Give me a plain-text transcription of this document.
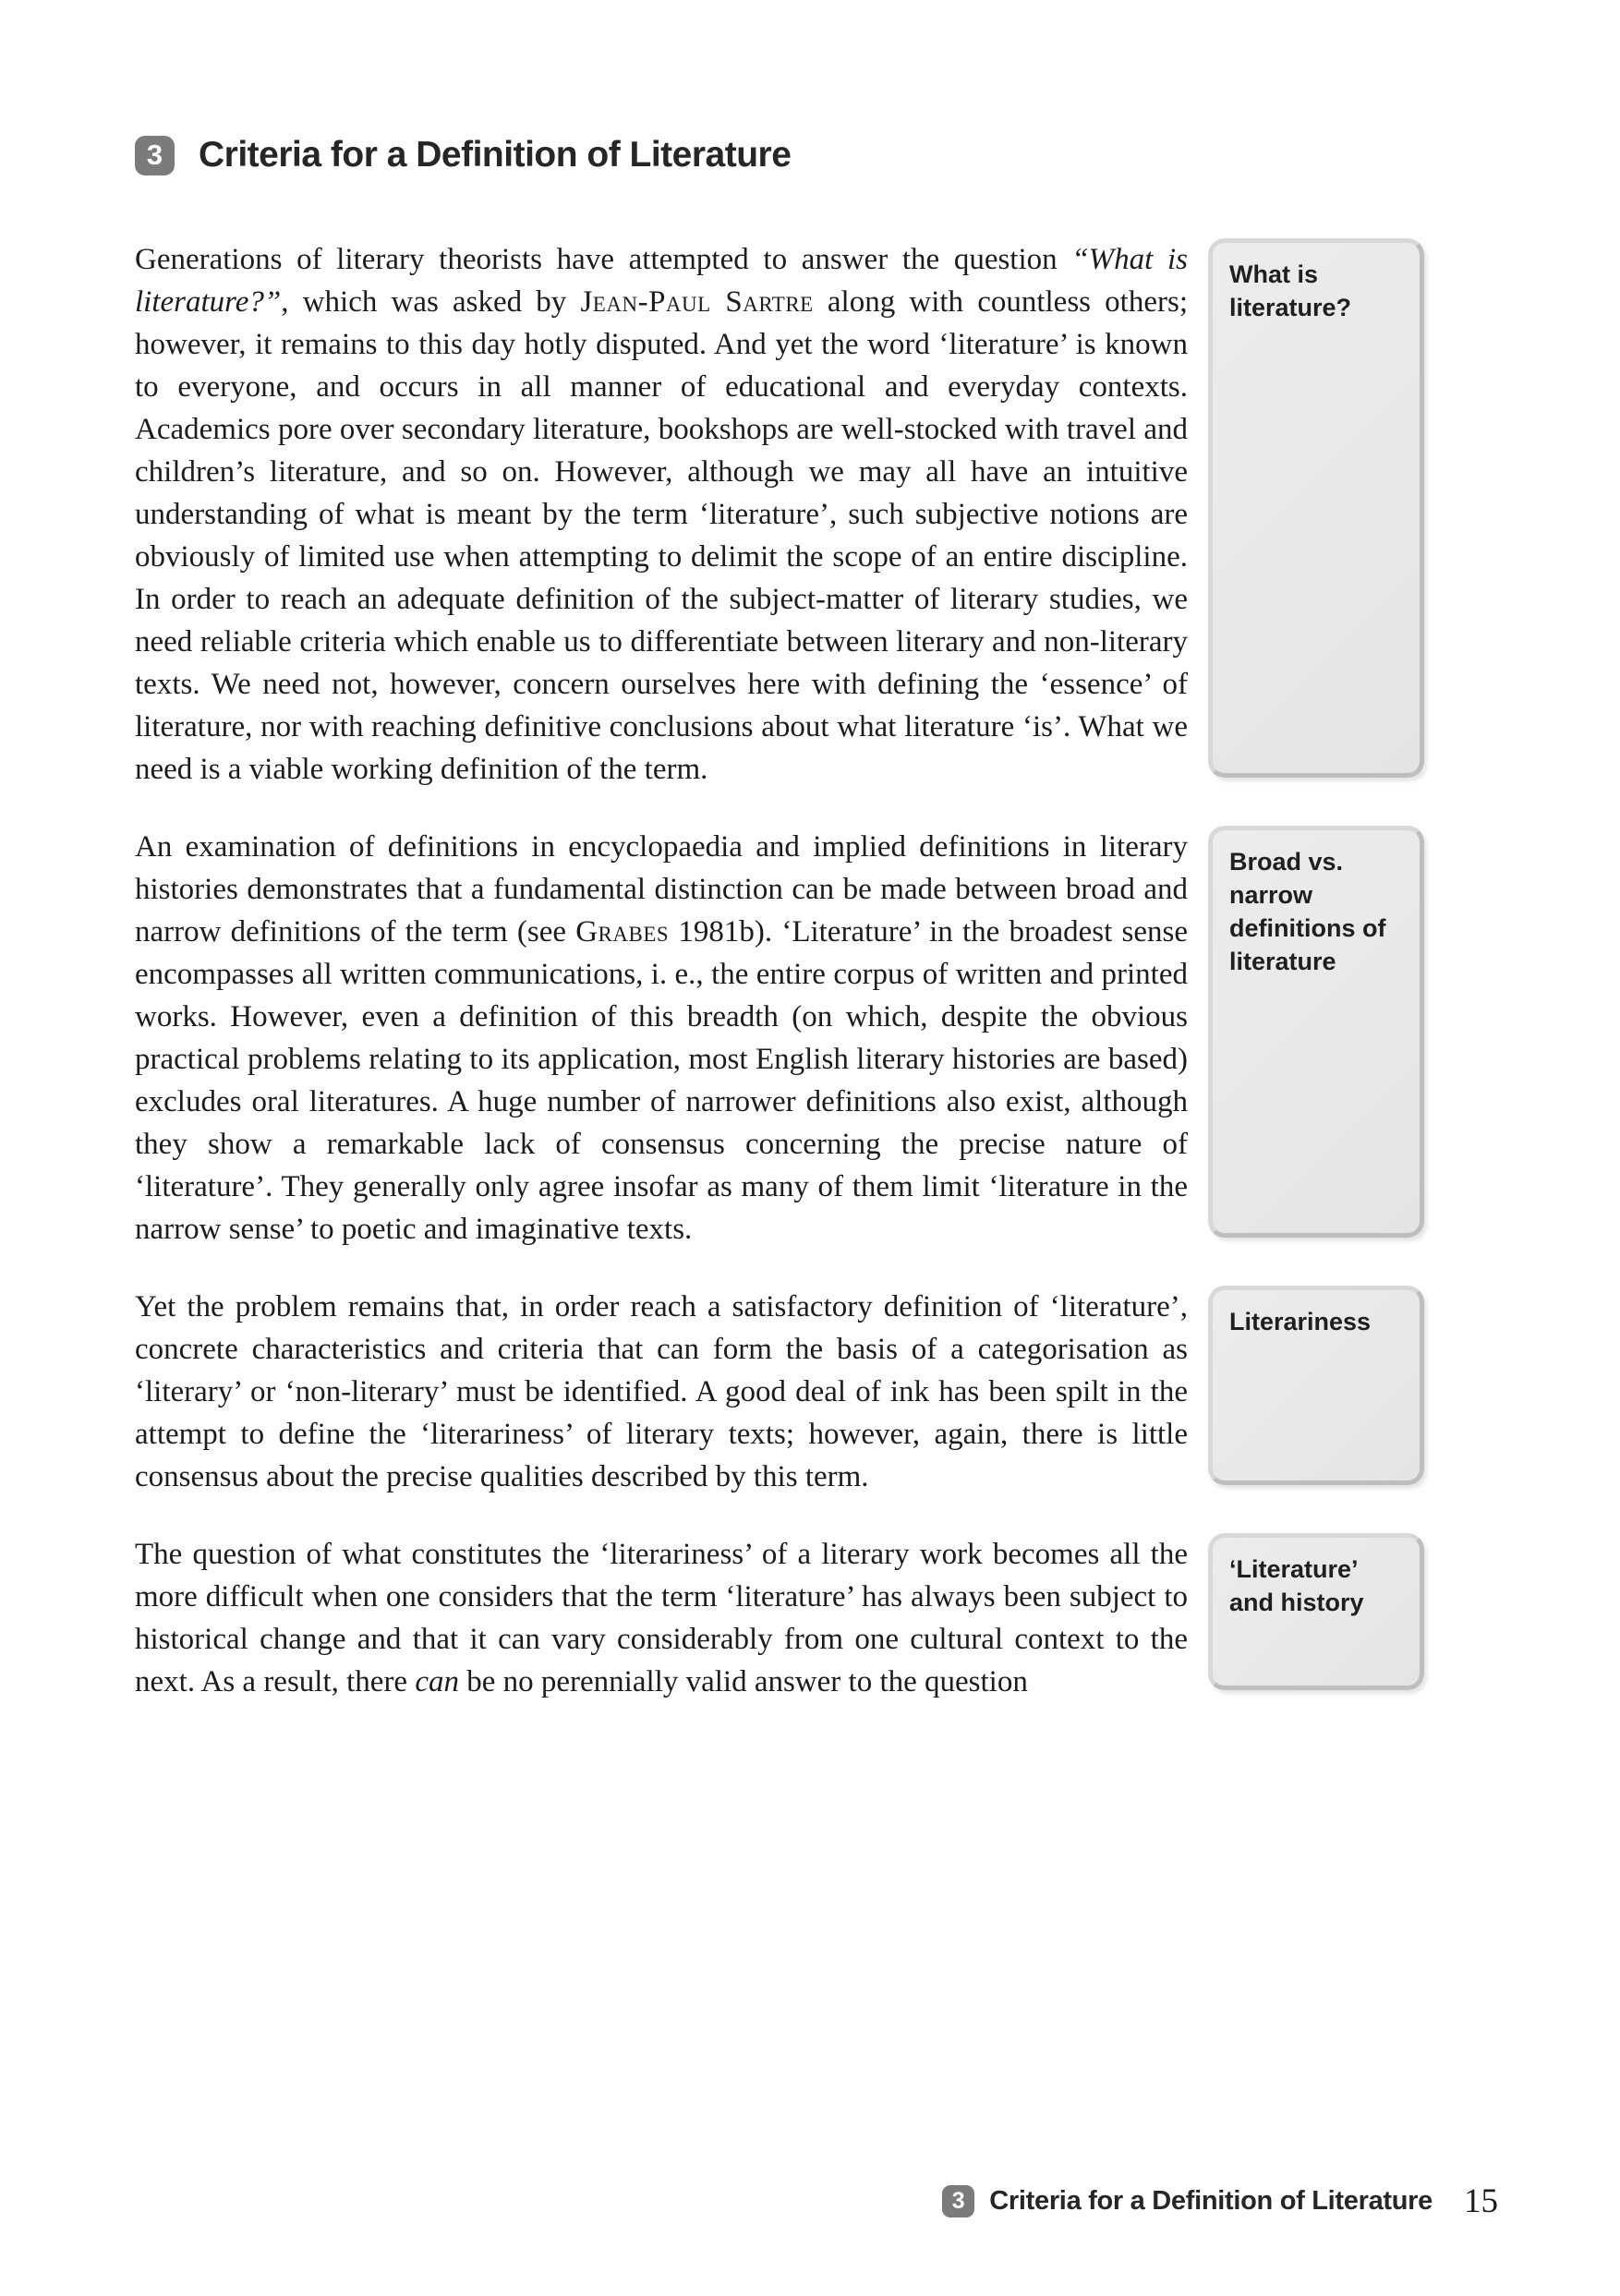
3 Criteria for a Definition of Literature

Generations of literary theorists have attempted to answer the question “What is literature?”, which was asked by Jean-Paul Sartre along with countless others; however, it remains to this day hotly disputed. And yet the word ‘literature’ is known to everyone, and occurs in all manner of educational and everyday contexts. Academics pore over secondary literature, bookshops are well-stocked with travel and children’s literature, and so on. However, although we may all have an intuitive understanding of what is meant by the term ‘literature’, such subjective notions are obviously of limited use when attempting to delimit the scope of an entire discipline. In order to reach an adequate definition of the subject-matter of literary studies, we need reliable criteria which enable us to differentiate between literary and non-literary texts. We need not, however, concern ourselves here with defining the ‘essence’ of literature, nor with reaching definitive conclusions about what literature ‘is’. What we need is a viable working definition of the term.

What is literature?

An examination of definitions in encyclopaedia and implied definitions in literary histories demonstrates that a fundamental distinction can be made between broad and narrow definitions of the term (see Grabes 1981b). ‘Literature’ in the broadest sense encompasses all written communications, i. e., the entire corpus of written and printed works. However, even a definition of this breadth (on which, despite the obvious practical problems relating to its application, most English literary histories are based) excludes oral literatures. A huge number of narrower definitions also exist, although they show a remarkable lack of consensus concerning the precise nature of ‘literature’. They generally only agree insofar as many of them limit ‘literature in the narrow sense’ to poetic and imaginative texts.

Broad vs. narrow definitions of literature

Yet the problem remains that, in order reach a satisfactory definition of ‘literature’, concrete characteristics and criteria that can form the basis of a categorisation as ‘literary’ or ‘non-literary’ must be identified. A good deal of ink has been spilt in the attempt to define the ‘literariness’ of literary texts; however, again, there is little consensus about the precise qualities described by this term.

Literariness

The question of what constitutes the ‘literariness’ of a literary work becomes all the more difficult when one considers that the term ‘literature’ has always been subject to historical change and that it can vary considerably from one cultural context to the next. As a result, there can be no perennially valid answer to the question

‘Literature’ and history
3 Criteria for a Definition of Literature 15
